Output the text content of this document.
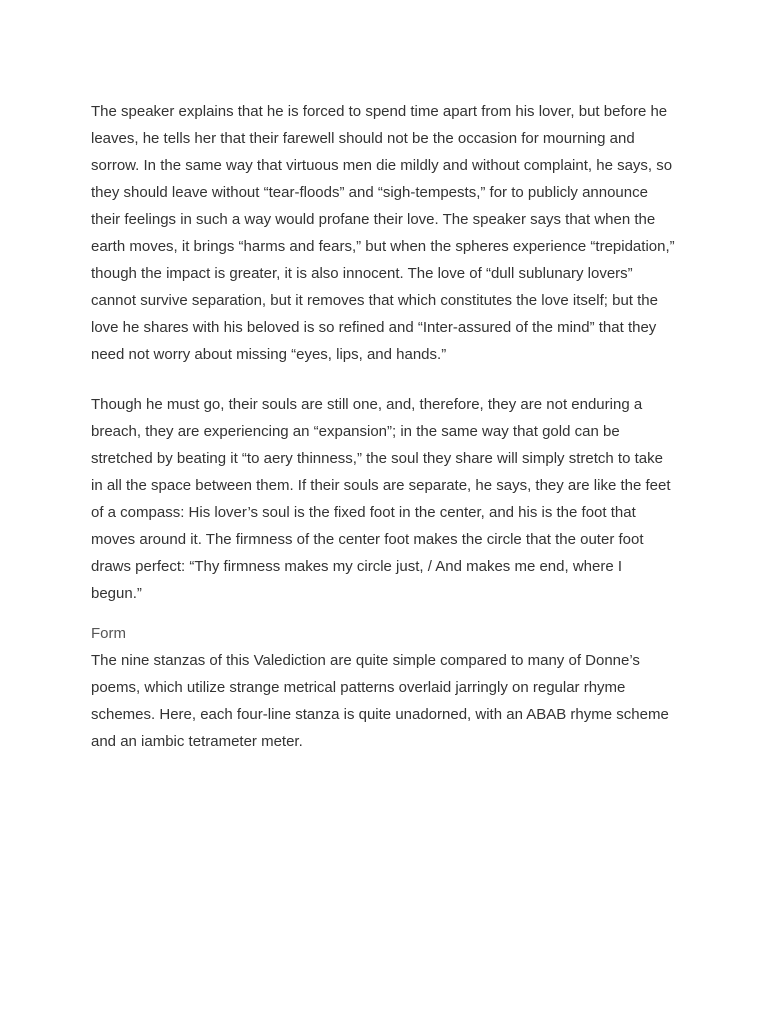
The speaker explains that he is forced to spend time apart from his lover, but before he
leaves, he tells her that their farewell should not be the occasion for mourning and
sorrow. In the same way that virtuous men die mildly and without complaint, he says, so
they should leave without “tear-floods” and “sigh-tempests,” for to publicly announce
their feelings in such a way would profane their love. The speaker says that when the
earth moves, it brings “harms and fears,” but when the spheres experience “trepidation,”
though the impact is greater, it is also innocent. The love of “dull sublunary lovers”
cannot survive separation, but it removes that which constitutes the love itself; but the
love he shares with his beloved is so refined and “Inter-assured of the mind” that they
need not worry about missing “eyes, lips, and hands.”

Though he must go, their souls are still one, and, therefore, they are not enduring a
breach, they are experiencing an “expansion”; in the same way that gold can be
stretched by beating it “to aery thinness,” the soul they share will simply stretch to take
in all the space between them. If their souls are separate, he says, they are like the feet
of a compass: His lover’s soul is the fixed foot in the center, and his is the foot that
moves around it. The firmness of the center foot makes the circle that the outer foot
draws perfect: “Thy firmness makes my circle just, / And makes me end, where I
begun.”

Form

The nine stanzas of this Valediction are quite simple compared to many of Donne’s
poems, which utilize strange metrical patterns overlaid jarringly on regular rhyme
schemes. Here, each four-line stanza is quite unadorned, with an ABAB rhyme scheme
and an iambic tetrameter meter.
